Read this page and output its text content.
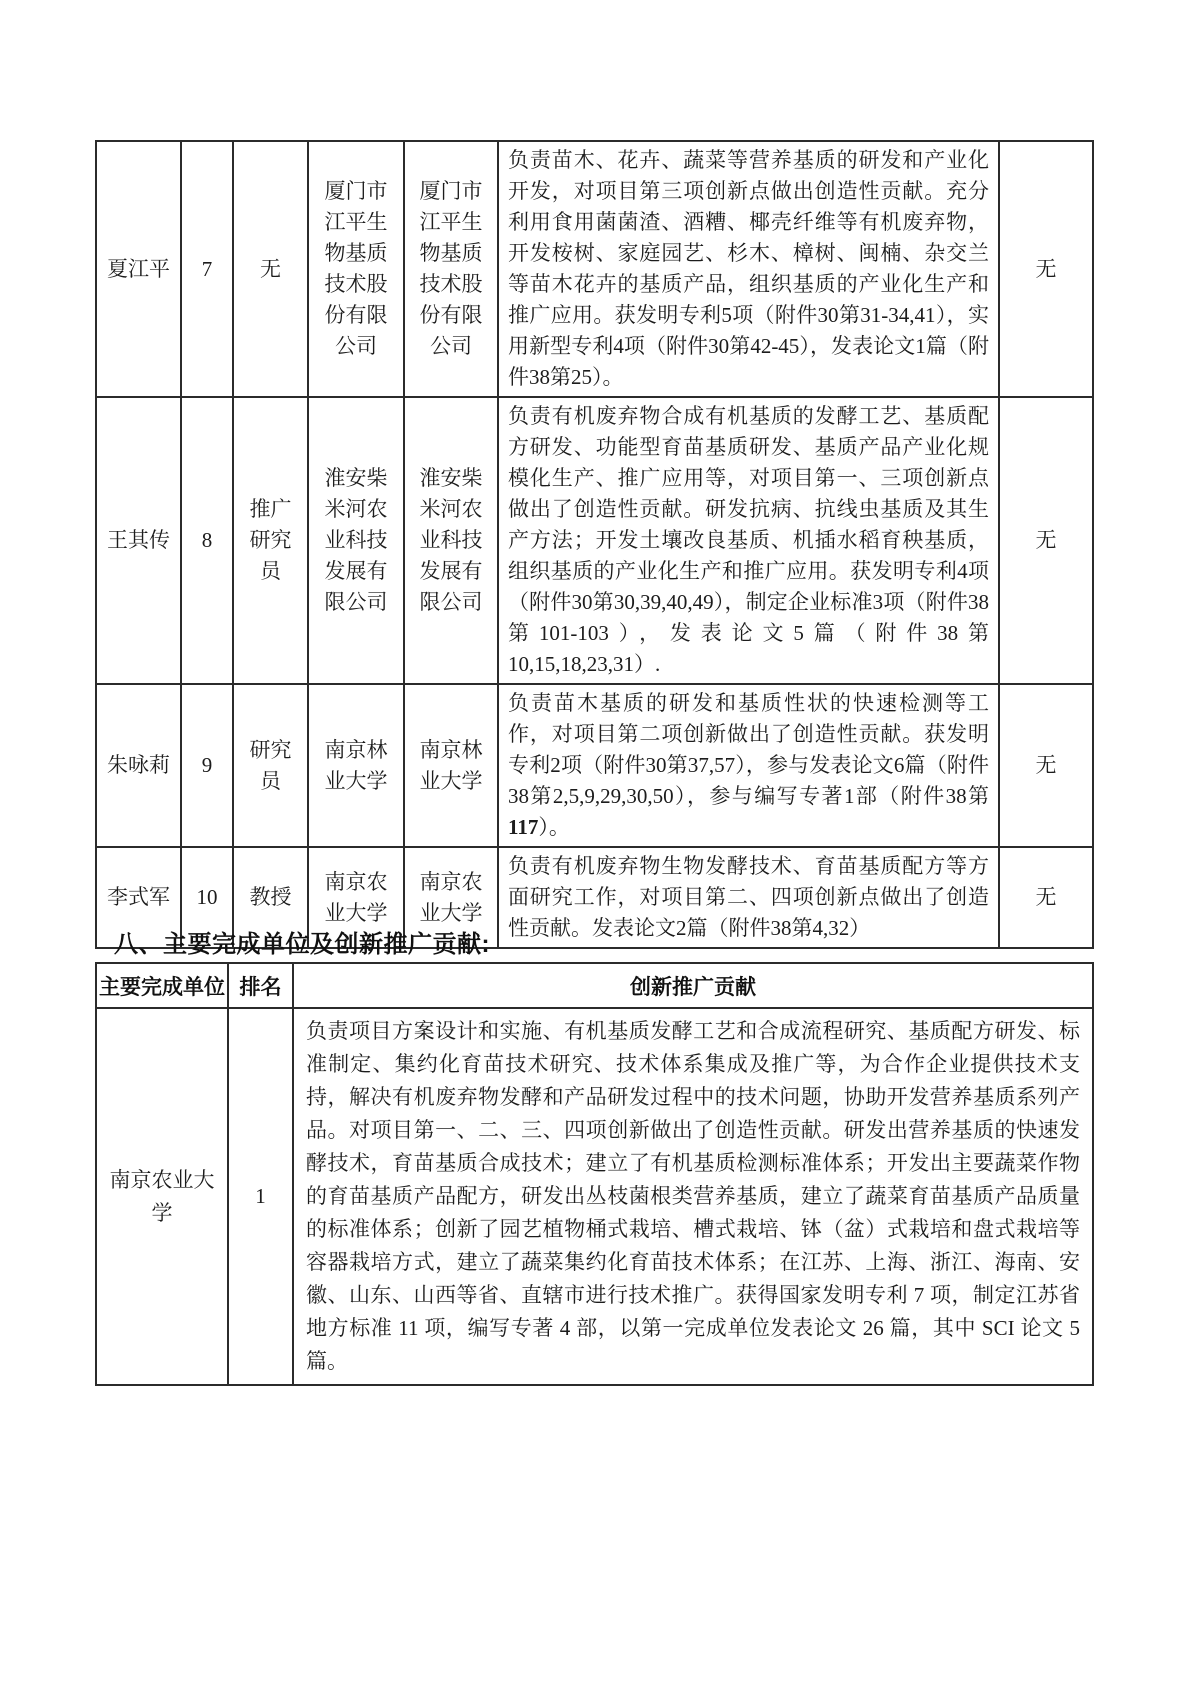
夏江平	7	无	厦门市江平生物基质技术股份有限公司	厦门市江平生物基质技术股份有限公司	负责苗木、花卉、蔬菜等营养基质的研发和产业化开发，对项目第三项创新点做出创造性贡献。充分利用食用菌菌渣、酒糟、椰壳纤维等有机废弃物，开发桉树、家庭园艺、杉木、樟树、闽楠、杂交兰等苗木花卉的基质产品，组织基质的产业化生产和推广应用。获发明专利5项（附件30第31-34,41），实用新型专利4项（附件30第42-45），发表论文1篇（附件38第25）。	无
王其传	8	推广研究员	淮安柴米河农业科技发展有限公司	淮安柴米河农业科技发展有限公司	负责有机废弃物合成有机基质的发酵工艺、基质配方研发、功能型育苗基质研发、基质产品产业化规模化生产、推广应用等，对项目第一、三项创新点做出了创造性贡献。研发抗病、抗线虫基质及其生产方法；开发土壤改良基质、机插水稻育秧基质，组织基质的产业化生产和推广应用。获发明专利4项（附件30第30,39,40,49），制定企业标准3项（附件38第101-103），发表论文5篇（附件38第10,15,18,23,31）.	无
朱咏莉	9	研究员	南京林业大学	南京林业大学	负责苗木基质的研发和基质性状的快速检测等工作，对项目第二项创新做出了创造性贡献。获发明专利2项（附件30第37,57），参与发表论文6篇（附件38第2,5,9,29,30,50），参与编写专著1部（附件38第117）。	无
李式军	10	教授	南京农业大学	南京农业大学	负责有机废弃物生物发酵技术、育苗基质配方等方面研究工作，对项目第二、四项创新点做出了创造性贡献。发表论文2篇（附件38第4,32）	无
八、主要完成单位及创新推广贡献:
主要完成单位	排名	创新推广贡献
南京农业大学	1	负责项目方案设计和实施、有机基质发酵工艺和合成流程研究、基质配方研发、标准制定、集约化育苗技术研究、技术体系集成及推广等，为合作企业提供技术支持，解决有机废弃物发酵和产品研发过程中的技术问题，协助开发营养基质系列产品。对项目第一、二、三、四项创新做出了创造性贡献。研发出营养基质的快速发酵技术，育苗基质合成技术；建立了有机基质检测标准体系；开发出主要蔬菜作物的育苗基质产品配方，研发出丛枝菌根类营养基质，建立了蔬菜育苗基质产品质量的标准体系；创新了园艺植物桶式栽培、槽式栽培、钵（盆）式栽培和盘式栽培等容器栽培方式，建立了蔬菜集约化育苗技术体系；在江苏、上海、浙江、海南、安徽、山东、山西等省、直辖市进行技术推广。获得国家发明专利 7 项，制定江苏省地方标准 11 项，编写专著 4 部，以第一完成单位发表论文 26 篇，其中 SCI 论文 5 篇。
